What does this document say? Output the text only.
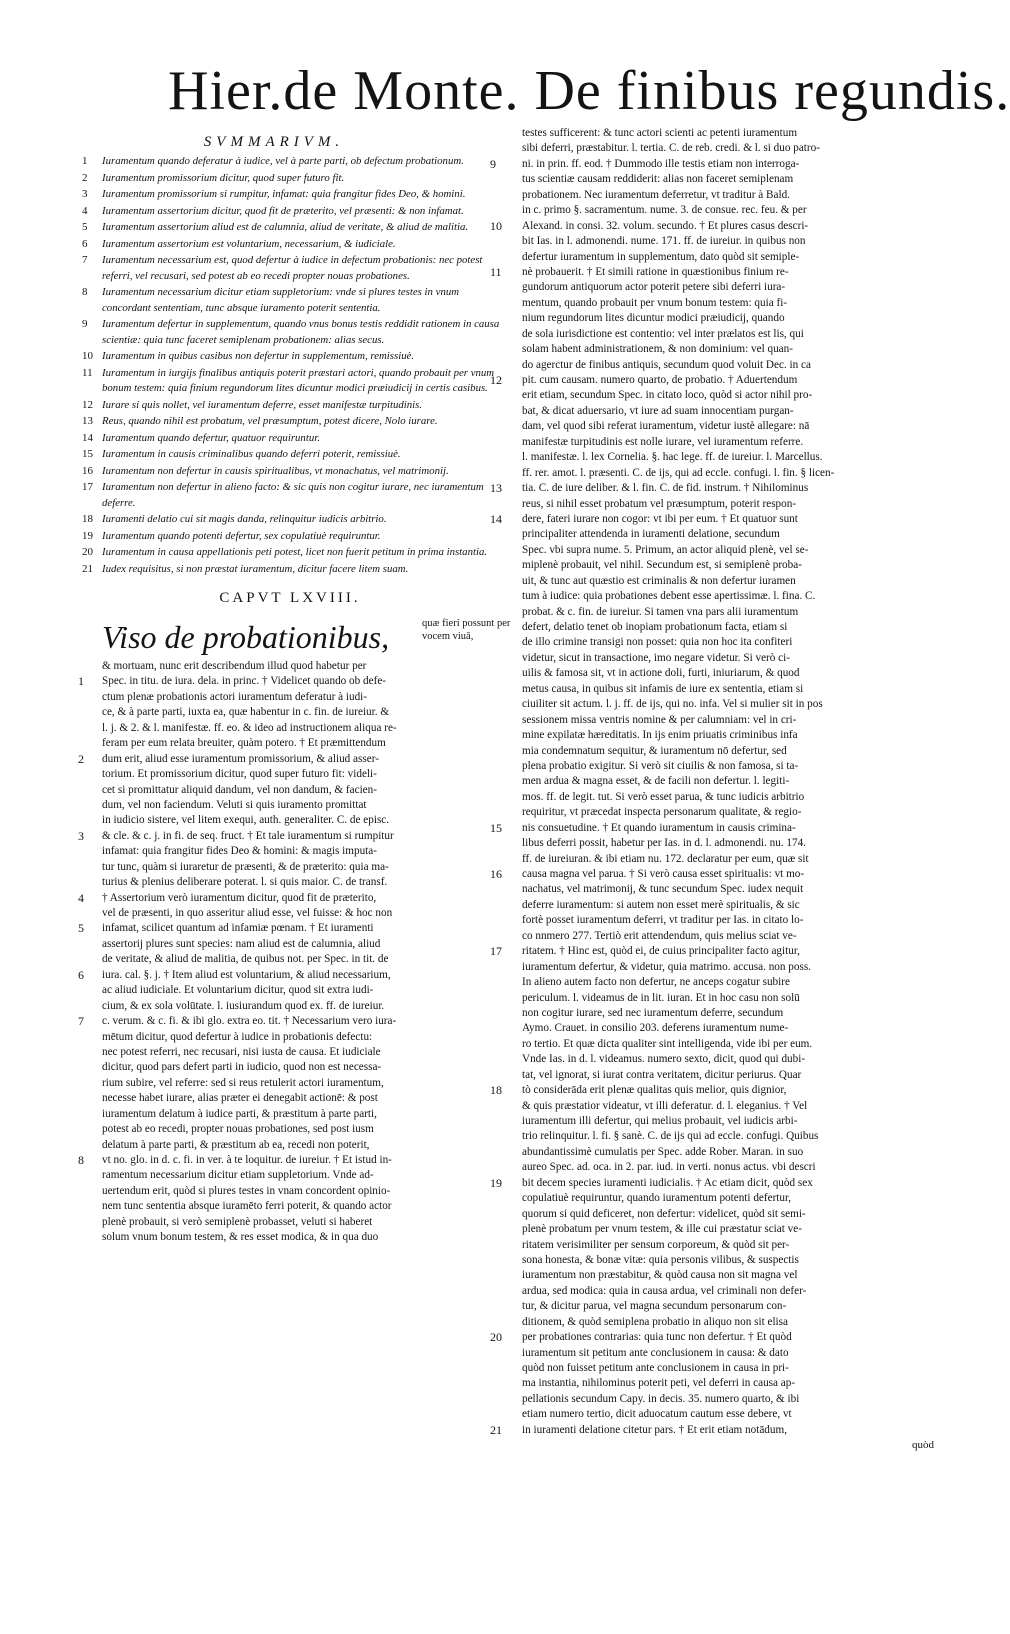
Hier.de Monte. De finibus regundis.
SVMMARIVM.
1 Iuramentum quando deferatur à iudice, vel à parte parti, ob defectum probationum.
2 Iuramentum promissorium dicitur, quod super futuro fit.
3 Iuramentum promissorium si rumpitur, infamat: quia frangitur fides Deo, & homini.
4 Iuramentum assertorium dicitur, quod fit de præterito, vel præsenti: & non infamat.
5 Iuramentum assertorium aliud est de calumnia, aliud de veritate, & aliud de malitia.
6 Iuramentum assertorium est voluntarium, necessarium, & iudiciale.
7 Iuramentum necessarium est, quod defertur à iudice in defectum probationis: nec potest referri, vel recusari, sed potest ab eo recedi propter nouas probationes.
8 Iuramentum necessarium dicitur etiam suppletorium: vnde si plures testes in vnum concordant sententiam, tunc absque iuramento poterit sententia.
9 Iuramentum defertur in supplementum, quando vnus bonus testis reddidit rationem in causa scientiæ: quia tunc faceret semiplenam probationem: alias secus.
10 Iuramentum in quibus casibus non defertur in supplementum, remissiuè.
11 Iuramentum in iurgijs finalibus antiquis poterit præstari actori, quando probauit per vnum bonum testem: quia finium regundorum lites dicuntur modici præiudicij in certis casibus.
12 Iurare si quis nollet, vel iuramentum deferre, esset manifestæ turpitudinis.
13 Reus, quando nihil est probatum, vel præsumptum, potest dicere, Nolo iurare.
14 Iuramentum quando defertur, quatuor requiruntur.
15 Iuramentum in causis criminalibus quando deferri poterit, remissiuè.
16 Iuramentum non defertur in causis spiritualibus, vt monachatus, vel matrimonij.
17 Iuramentum non defertur in alieno facto: & sic quis non cogitur iurare, nec iuramentum deferre.
18 Iuramenti delatio cui sit magis danda, relinquitur iudicis arbitrio.
19 Iuramentum quando potenti defertur, sex copulatiuè requiruntur.
20 Iuramentum in causa appellationis peti potest, licet non fuerit petitum in prima instantia.
21 Iudex requisitus, si non præstat iuramentum, dicitur facere litem suam.
CAPVT LXVIII.
Viso de probationibus,	quæ fieri possunt per vocem viuā,
& mortuam, nunc erit describendum illud quod habetur per
1 Spec. in titu. de iura. dela. in princ. † Videlicet quando ob defe-
ctum plenæ probationis actori iuramentum deferatur à iudi-
ce, & à parte parti, iuxta ea, quæ habentur in c. fin. de iureiur. &
l. j. & 2. & l. manifestæ. ff. eo. & ideo ad instructionem aliqua re-
feram per eum relata breuiter, quàm potero. † Et præmittendum
2 dum erit, aliud esse iuramentum promissorium, & aliud asser-
torium. Et promissorium dicitur, quod super futuro fit: videli-
cet si promittatur aliquid dandum, vel non dandum, & facien-
dum, vel non faciendum. Veluti si quis iuramento promittat
in iudicio sistere, vel litem exequi, auth. generaliter. C. de episc.
3 & cle. & c. j. in fi. de seq. fruct. † Et tale iuramentum si rumpitur
infamat: quia frangitur fides Deo & homini: & magis imputa-
tur tunc, quàm si iuraretur de præsenti, & de præterito: quia ma-
turius & plenius deliberare poterat. l. si quis maior. C. de transf.
4 † Assertorium verò iuramentum dicitur, quod fit de præterito,
vel de præsenti, in quo asseritur aliud esse, vel fuisse: & hoc non
5 infamat, scilicet quantum ad infamiæ pœnam. † Et iuramenti
assertorij plures sunt species: nam aliud est de calumnia, aliud
de veritate, & aliud de malitia, de quibus not. per Spec. in tit. de
6 iura. cal. §. j. † Item aliud est voluntarium, & aliud necessarium,
ac aliud iudiciale. Et voluntarium dicitur, quod sit extra iudi-
cium, & ex sola volūtate. l. iusiurandum quod ex. ff. de iureiur.
7 c. verum. & c. fi. & ibi glo. extra eo. tit. † Necessarium vero iura-
mētum dicitur, quod defertur à iudice in probationis defectu:
nec potest referri, nec recusari, nisi iusta de causa. Et iudiciale
dicitur, quod pars defert parti in iudicio, quod non est necessa-
rium subire, vel referre: sed si reus retulerit actori iuramentum,
necesse habet iurare, alias præter ei denegabit actionē: & post
iuramentum delatum à iudice parti, & præstitum à parte parti,
potest ab eo recedi, propter nouas probationes, sed post iusm
delatum à parte parti, & præstitum ab ea, recedi non poterit,
8 vt no. glo. in d. c. fi. in ver. à te loquitur. de iureiur. † Et istud in-
ramentum necessarium dicitur etiam suppletorium. Vnde ad-
uertendum erit, quòd si plures testes in vnam concordent opinio-
nem tunc sententia absque iuramēto ferri poterit, & quando actor
plenè probauit, si verò semiplenè probasset, veluti si haberet
solum vnum bonum testem, & res esset modica, & in qua duo
testes sufficerent: & tunc actori scienti ac petenti iuramentum
sibi deferri, præstabitur. l. tertia. C. de reb. credi. & l. si duo patro-
9 ni. in prin. ff. eod. † Dummodo ille testis etiam non interroga-
tus scientiæ causam reddiderit: alias non faceret semiplenam
probationem. Nec iuramentum deferretur, vt traditur à Bald.
in c. primo §. sacramentum. nume. 3. de consue. rec. feu. & per
10 Alexand. in consi. 32. volum. secundo. † Et plures casus descri-
bit Ias. in l. admonendi. nume. 171. ff. de iureiur. in quibus non
defertur iuramentum in supplementum, dato quòd sit semiple-
11 nè probauerit. † Et simili ratione in quæstionibus finium re-
gundorum antiquorum actor poterit petere sibi deferri iura-
mentum, quando probauit per vnum bonum testem: quia fi-
nium regundorum lites dicuntur modici præiudicij, quando
de sola iurisdictione est contentio: vel inter prælatos est lis, qui
solam habent administrationem, & non dominium: vel quan-
do agerctur de finibus antiquis, secundum quod voluit Dec. in ca
12 pit. cum causam. numero quarto, de probatio. † Aduertendum
erit etiam, secundum Spec. in citato loco, quòd si actor nihil pro-
bat, & dicat aduersario, vt iure ad suam innocentiam purgan-
dam, vel quod sibi referat iuramentum, videtur iustè allegare: nā
manifestæ turpitudinis est nolle iurare, vel iuramentum referre.
l. manifestæ. l. lex Cornelia. §. hac lege. ff. de iureiur. l. Marcellus.
ff. rer. amot. l. præsenti. C. de ijs, qui ad eccle. confugi. l. fin. § licen-
13 tia. C. de iure deliber. & l. fin. C. de fid. instrum. † Nihilominus
reus, si nihil esset probatum vel præsumptum, poterit respon-
14 dere, fateri iurare non cogor: vt ibi per eum. † Et quatuor sunt
principaliter attendenda in iuramenti delatione, secundum
Spec. vbi supra nume. 5. Primum, an actor aliquid plenè, vel se-
miplenè probauit, vel nihil. Secundum est, si semiplenè proba-
uit, & tunc aut quæstio est criminalis & non defertur iuramen
tum à iudice: quia probationes debent esse apertissimæ. l. fina. C.
probat. & c. fin. de iureiur. Si tamen vna pars alii iuramentum
defert, delatio tenet ob inopiam probationum facta, etiam si
de illo crimine transigi non posset: quia non hoc ita confiteri
videtur, sicut in transactione, imo negare videtur. Si verò ci-
uilis & famosa sit, vt in actione doli, furti, iniuriarum, & quod
metus causa, in quibus sit infamis de iure ex sententia, etiam si
ciuiliter sit actum. l. j. ff. de ijs, qui no. infa. Vel si mulier sit in pos
sessionem missa ventris nomine & per calumniam: vel in cri-
mine expilatæ hæreditatis. In ijs enim priuatis criminibus infa
mia condemnatum sequitur, & iuramentum nō defertur, sed
plena probatio exigitur. Si verò sit ciuilis & non famosa, si ta-
men ardua & magna esset, & de facili non defertur. l. legiti-
mos. ff. de legit. tut. Si verò esset parua, & tunc iudicis arbitrio
requiritur, vt præcedat inspecta personarum qualitate, & regio-
15 nis consuetudine. † Et quando iuramentum in causis crimina-
libus deferri possit, habetur per Ias. in d. l. admonendi. nu. 174.
ff. de iureiuran. & ibi etiam nu. 172. declaratur per eum, quæ sit
16 causa magna vel parua. † Si verò causa esset spiritualis: vt mo-
nachatus, vel matrimonij, & tunc secundum Spec. iudex nequit
deferre iuramentum: si autem non esset merè spiritualis, & sic
fortè posset iuramentum deferri, vt traditur per Ias. in citato lo-
co nnmero 277. Tertiò erit attendendum, quis melius sciat ve-
17 ritatem. † Hinc est, quòd ei, de cuius principaliter facto agitur,
iuramentum defertur, & videtur, quia matrimo. accusa. non poss.
In alieno autem facto non defertur, ne anceps cogatur subire
periculum. l. videamus de in lit. iuran. Et in hoc casu non solū
non cogitur iurare, sed nec iuramentum deferre, secundum
Aymo. Crauet. in consilio 203. deferens iuramentum nume-
ro tertio. Et quæ dicta qualiter sint intelligenda, vide ibi per eum.
Vnde Ias. in d. l. videamus. numero sexto, dicit, quod qui dubi-
tat, vel ignorat, si iurat contra veritatem, dicitur periurus. Quar
18 tò considerāda erit plenæ qualitas quis melior, quis dignior,
& quis præstatior videatur, vt illi deferatur. d. l. eleganius. † Vel
iuramentum illi defertur, qui melius probauit, vel iudicis arbi-
trio relinquitur. l. fi. § sanè. C. de ijs qui ad eccle. confugi. Quibus
abundantissimè cumulatis per Spec. adde Rober. Maran. in suo
aureo Spec. ad. oca. in 2. par. iud. in verti. nonus actus. vbi descri
19 bit decem species iuramenti iudicialis. † Ac etiam dicit, quòd sex
copulatiuè requiruntur, quando iuramentum potenti defertur,
quorum si quid deficeret, non defertur: videlicet, quòd sit semi-
plenè probatum per vnum testem, & ille cui præstatur sciat ve-
ritatem verisimiliter per sensum corporeum, & quòd sit per-
sona honesta, & bonæ vitæ: quia personis vilibus, & suspectis
iuramentum non præstabitur, & quòd causa non sit magna vel
ardua, sed modica: quia in causa ardua, vel criminali non defer-
tur, & dicitur parua, vel magna secundum personarum con-
ditionem, & quòd semiplena probatio in aliquo non sit elisa
20 per probationes contrarias: quia tunc non defertur. † Et quòd
iuramentum sit petitum ante conclusionem in causa: & dato
quòd non fuisset petitum ante conclusionem in causa in pri-
ma instantia, nihilominus poterit peti, vel deferri in causa ap-
pellationis secundum Capy. in decis. 35. numero quarto, & ibi
etiam numero tertio, dicit aduocatum cautum esse debere, vt
21 in iuramenti delatione citetur pars. † Et erit etiam notādum,
quòd
